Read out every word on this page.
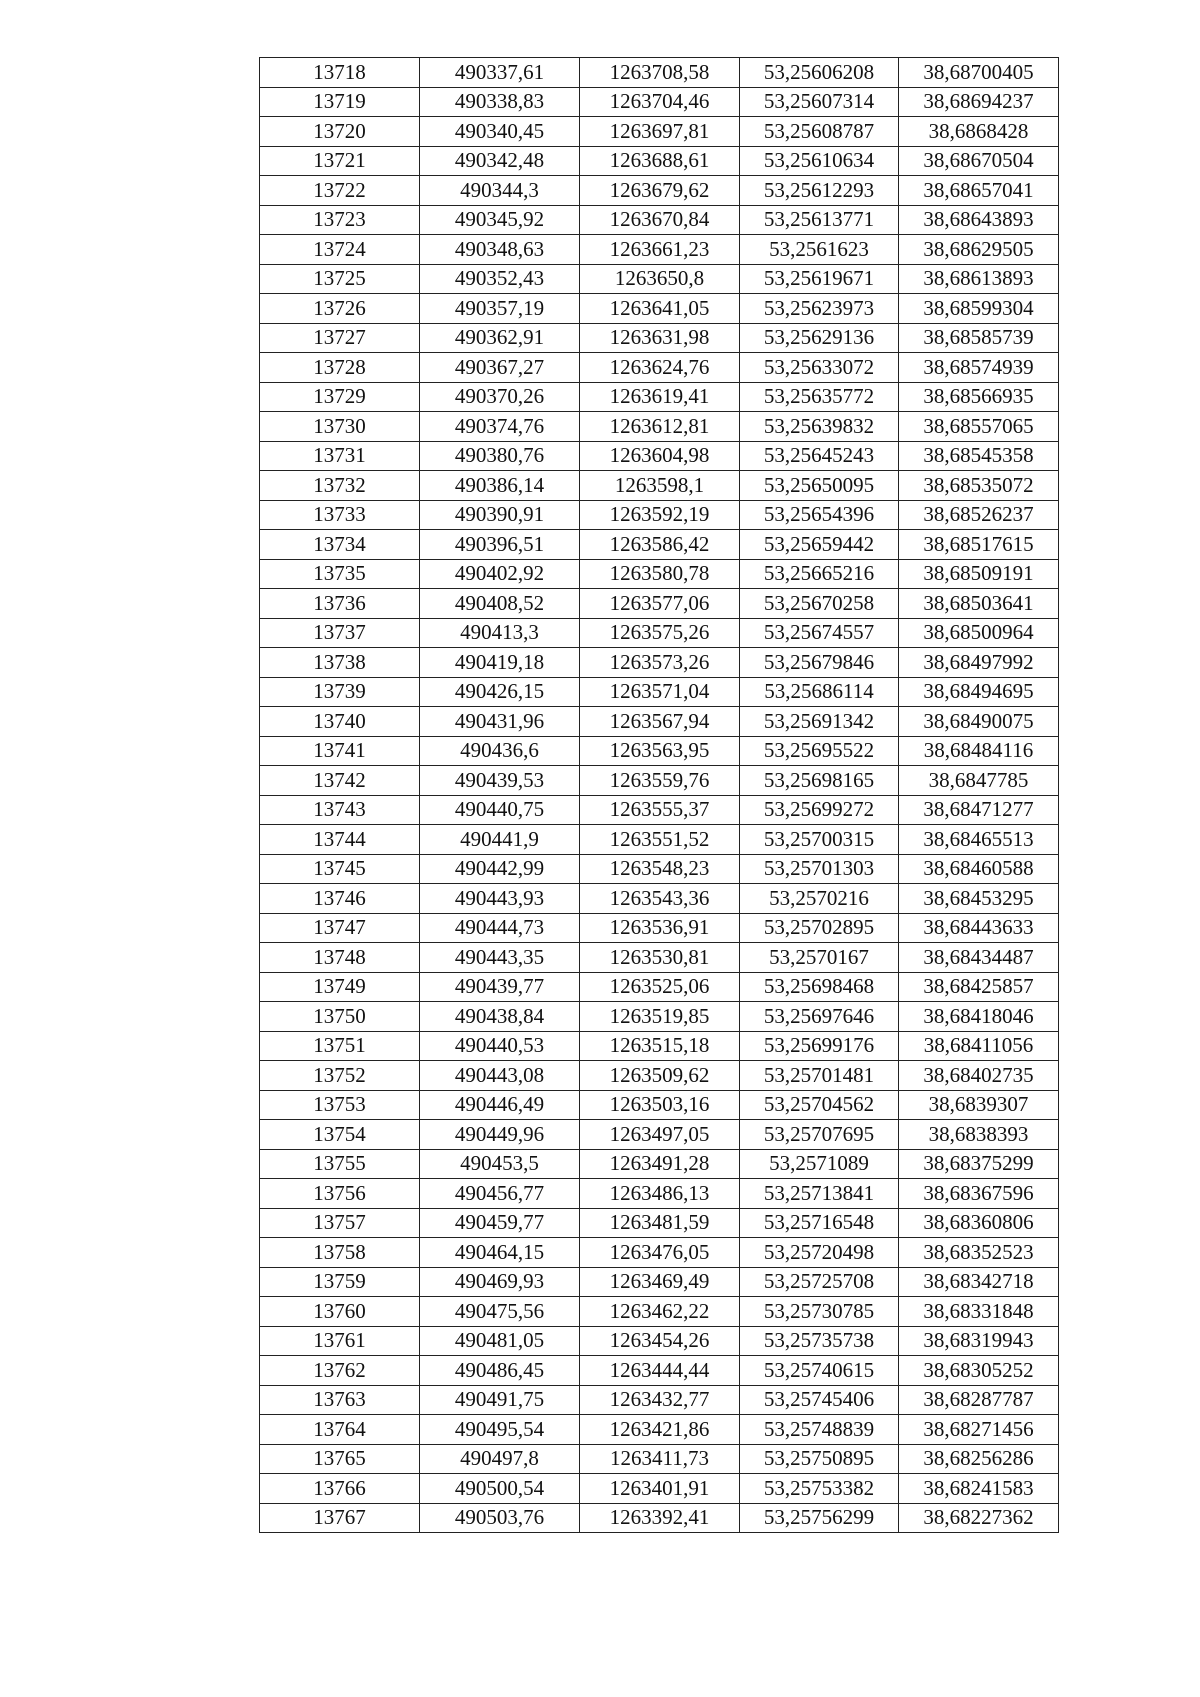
13718	490337,61	1263708,58	53,25606208	38,68700405
13719	490338,83	1263704,46	53,25607314	38,68694237
13720	490340,45	1263697,81	53,25608787	38,6868428
13721	490342,48	1263688,61	53,25610634	38,68670504
13722	490344,3	1263679,62	53,25612293	38,68657041
13723	490345,92	1263670,84	53,25613771	38,68643893
13724	490348,63	1263661,23	53,2561623	38,68629505
13725	490352,43	1263650,8	53,25619671	38,68613893
13726	490357,19	1263641,05	53,25623973	38,68599304
13727	490362,91	1263631,98	53,25629136	38,68585739
13728	490367,27	1263624,76	53,25633072	38,68574939
13729	490370,26	1263619,41	53,25635772	38,68566935
13730	490374,76	1263612,81	53,25639832	38,68557065
13731	490380,76	1263604,98	53,25645243	38,68545358
13732	490386,14	1263598,1	53,25650095	38,68535072
13733	490390,91	1263592,19	53,25654396	38,68526237
13734	490396,51	1263586,42	53,25659442	38,68517615
13735	490402,92	1263580,78	53,25665216	38,68509191
13736	490408,52	1263577,06	53,25670258	38,68503641
13737	490413,3	1263575,26	53,25674557	38,68500964
13738	490419,18	1263573,26	53,25679846	38,68497992
13739	490426,15	1263571,04	53,25686114	38,68494695
13740	490431,96	1263567,94	53,25691342	38,68490075
13741	490436,6	1263563,95	53,25695522	38,68484116
13742	490439,53	1263559,76	53,25698165	38,6847785
13743	490440,75	1263555,37	53,25699272	38,68471277
13744	490441,9	1263551,52	53,25700315	38,68465513
13745	490442,99	1263548,23	53,25701303	38,68460588
13746	490443,93	1263543,36	53,2570216	38,68453295
13747	490444,73	1263536,91	53,25702895	38,68443633
13748	490443,35	1263530,81	53,2570167	38,68434487
13749	490439,77	1263525,06	53,25698468	38,68425857
13750	490438,84	1263519,85	53,25697646	38,68418046
13751	490440,53	1263515,18	53,25699176	38,68411056
13752	490443,08	1263509,62	53,25701481	38,68402735
13753	490446,49	1263503,16	53,25704562	38,6839307
13754	490449,96	1263497,05	53,25707695	38,6838393
13755	490453,5	1263491,28	53,2571089	38,68375299
13756	490456,77	1263486,13	53,25713841	38,68367596
13757	490459,77	1263481,59	53,25716548	38,68360806
13758	490464,15	1263476,05	53,25720498	38,68352523
13759	490469,93	1263469,49	53,25725708	38,68342718
13760	490475,56	1263462,22	53,25730785	38,68331848
13761	490481,05	1263454,26	53,25735738	38,68319943
13762	490486,45	1263444,44	53,25740615	38,68305252
13763	490491,75	1263432,77	53,25745406	38,68287787
13764	490495,54	1263421,86	53,25748839	38,68271456
13765	490497,8	1263411,73	53,25750895	38,68256286
13766	490500,54	1263401,91	53,25753382	38,68241583
13767	490503,76	1263392,41	53,25756299	38,68227362
